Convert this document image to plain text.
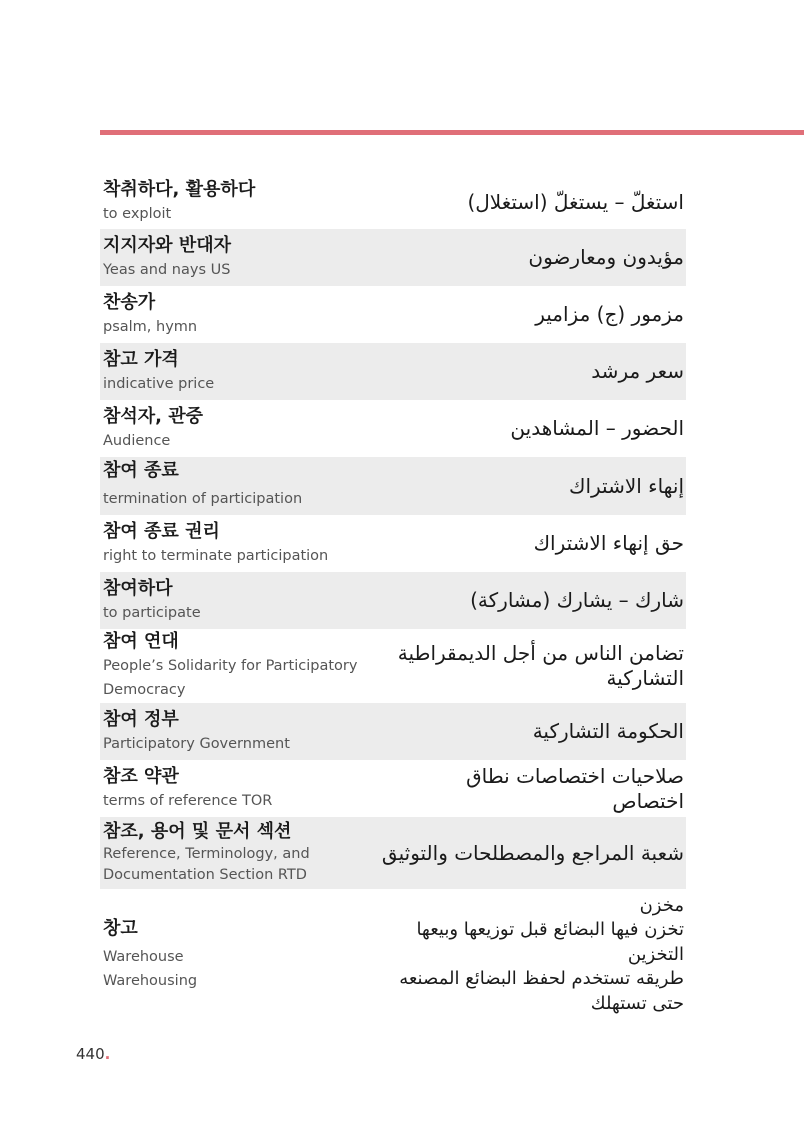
착취하다, 활용하다
to exploit
استغلّ – يستغلّ (استغلال)
지지자와 반대자
Yeas and nays US
مؤيدون ومعارضون
찬송가
psalm, hymn
مزمور (ج) مزامير
참고 가격
indicative price
سعر مرشد
참석자, 관중
Audience
الحضور – المشاهدين
참여 종료
termination of participation
إنهاء الاشتراك
참여 종료 권리
right to terminate participation
حق إنهاء الاشتراك
참여하다
to participate
شارك – يشارك (مشاركة)
참여 연대
People’s Solidarity for Participatory
Democracy
تضامن الناس من أجل الديمقراطية
التشاركية
참여 정부
Participatory Government
الحكومة التشاركية
참조 약관
terms of reference TOR
صلاحيات اختصاصات نطاق
اختصاص
참조, 용어 및 문서 섹션
Reference, Terminology, and
Documentation Section RTD
شعبة المراجع والمصطلحات والتوثيق
창고
Warehouse
Warehousing
مخزن
تخزن فيها البضائع قبل توزيعها وبيعها
التخزين
طريقه تستخدم لحفظ البضائع المصنعه
حتى تستهلك
440.
